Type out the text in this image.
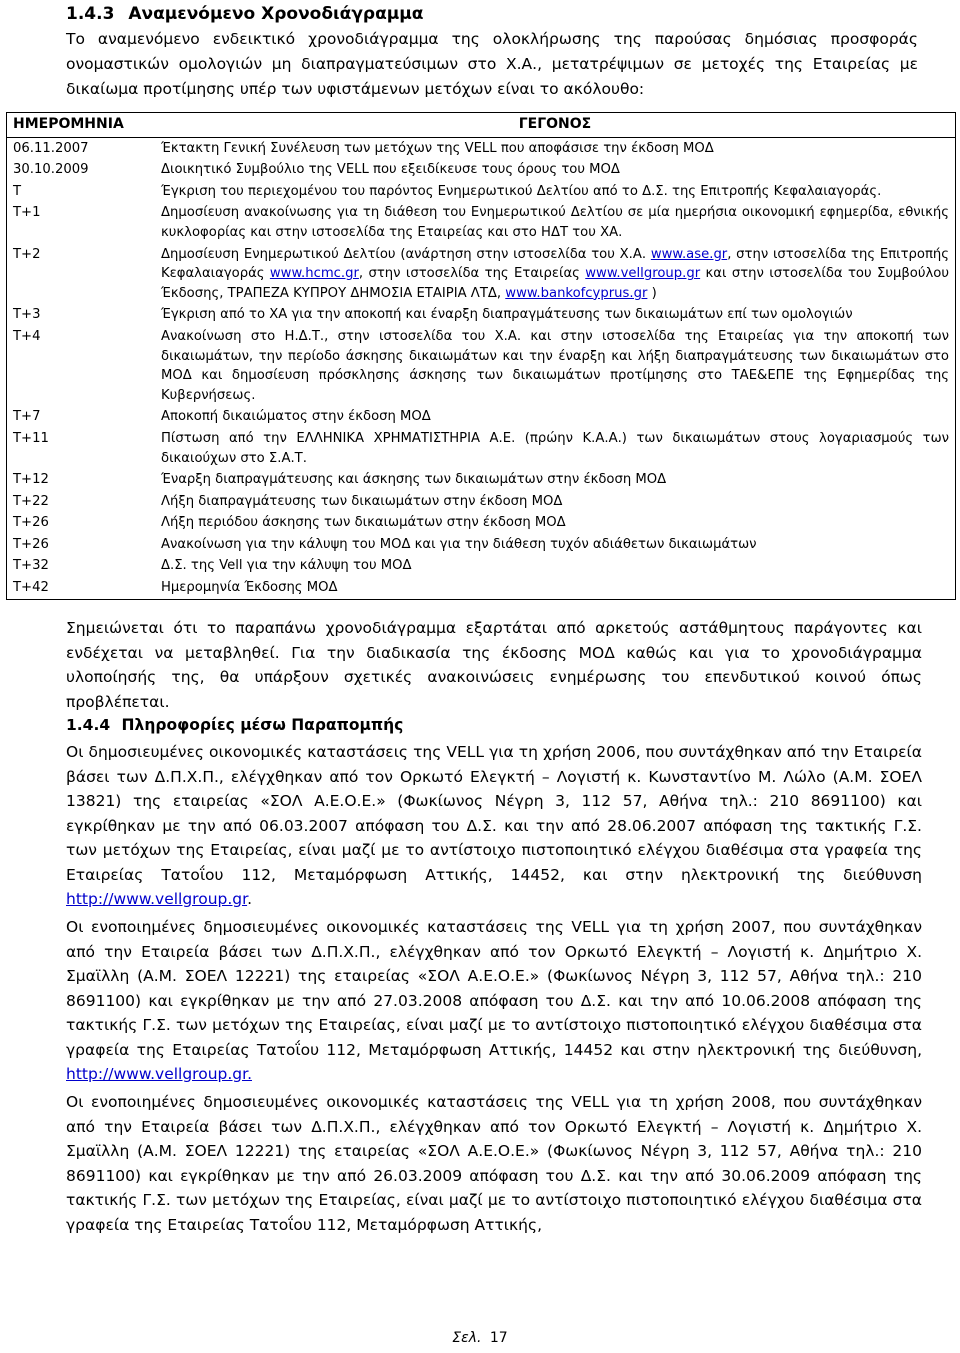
1.4.3 Αναμενόμενο Χρονοδιάγραμμα
Το αναμενόμενο ενδεικτικό χρονοδιάγραμμα της ολοκλήρωσης της παρούσας δημόσιας προσφοράς ονομαστικών ομολογιών μη διαπραγματεύσιμων στο Χ.Α., μετατρέψιμων σε μετοχές της Εταιρείας με δικαίωμα προτίμησης υπέρ των υφιστάμενων μετόχων είναι το ακόλουθο:
ΗΜΕΡΟΜΗΝΙΑ	ΓΕΓΟΝΟΣ
06.11.2007	Έκτακτη Γενική Συνέλευση των μετόχων της VELL που αποφάσισε την έκδοση ΜΟΔ
30.10.2009	Διοικητικό Συμβούλιο της VELL που εξειδίκευσε τους όρους του ΜΟΔ
Τ	Έγκριση του περιεχομένου του παρόντος Ενημερωτικού Δελτίου από το Δ.Σ. της Επιτροπής Κεφαλαιαγοράς.
Τ+1	Δημοσίευση ανακοίνωσης για τη διάθεση του Ενημερωτικού Δελτίου σε μία ημερήσια οικονομική εφημερίδα, εθνικής κυκλοφορίας και στην ιστοσελίδα της Εταιρείας και στο ΗΔΤ του ΧΑ.
Τ+2	Δημοσίευση Ενημερωτικού Δελτίου (ανάρτηση στην ιστοσελίδα του Χ.Α. www.ase.gr, στην ιστοσελίδα της Επιτροπής Κεφαλαιαγοράς www.hcmc.gr, στην ιστοσελίδα της Εταιρείας www.vellgroup.gr και στην ιστοσελίδα του Συμβούλου Έκδοσης, ΤΡΑΠΕΖΑ ΚΥΠΡΟΥ ΔΗΜΟΣΙΑ ΕΤΑΙΡΙΑ ΛΤΔ, www.bankofcyprus.gr )
Τ+3	Έγκριση από το ΧΑ για την αποκοπή και έναρξη διαπραγμάτευσης των δικαιωμάτων επί των ομολογιών
Τ+4	Ανακοίνωση στο Η.Δ.Τ., στην ιστοσελίδα του Χ.Α. και στην ιστοσελίδα της Εταιρείας για την αποκοπή των δικαιωμάτων, την περίοδο άσκησης δικαιωμάτων και την έναρξη και λήξη διαπραγμάτευσης των δικαιωμάτων στο ΜΟΔ και δημοσίευση πρόσκλησης άσκησης των δικαιωμάτων προτίμησης στο ΤΑΕ&ΕΠΕ της Εφημερίδας της Κυβερνήσεως.
Τ+7	Αποκοπή δικαιώματος στην έκδοση ΜΟΔ
Τ+11	Πίστωση από την ΕΛΛΗΝΙΚΑ ΧΡΗΜΑΤΙΣΤΗΡΙΑ Α.Ε. (πρώην Κ.Α.Α.) των δικαιωμάτων στους λογαριασμούς των δικαιούχων στο Σ.Α.Τ.
Τ+12	Έναρξη διαπραγμάτευσης και άσκησης των δικαιωμάτων στην έκδοση ΜΟΔ
Τ+22	Λήξη διαπραγμάτευσης των δικαιωμάτων στην έκδοση ΜΟΔ
Τ+26	Λήξη περιόδου άσκησης των δικαιωμάτων στην έκδοση ΜΟΔ
Τ+26	Ανακοίνωση για την κάλυψη του ΜΟΔ και για την διάθεση τυχόν αδιάθετων δικαιωμάτων
Τ+32	Δ.Σ. της Vell για την κάλυψη του ΜΟΔ
Τ+42	Ημερομηνία Έκδοσης ΜΟΔ
Σημειώνεται ότι το παραπάνω χρονοδιάγραμμα εξαρτάται από αρκετούς αστάθμητους παράγοντες και ενδέχεται να μεταβληθεί. Για την διαδικασία της έκδοσης ΜΟΔ καθώς και για το χρονοδιάγραμμα υλοποίησής της, θα υπάρξουν σχετικές ανακοινώσεις ενημέρωσης του επενδυτικού κοινού όπως προβλέπεται.
1.4.4 Πληροφορίες μέσω Παραπομπής
Οι δημοσιευμένες οικονομικές καταστάσεις της VELL για τη χρήση 2006, που συντάχθηκαν από την Εταιρεία βάσει των Δ.Π.Χ.Π., ελέγχθηκαν από τον Ορκωτό Ελεγκτή – Λογιστή κ. Κωνσταντίνο Μ. Λώλο (Α.Μ. ΣΟΕΛ 13821) της εταιρείας «ΣΟΛ Α.Ε.Ο.Ε.» (Φωκίωνος Νέγρη 3, 112 57, Αθήνα τηλ.: 210 8691100) και εγκρίθηκαν με την από 06.03.2007 απόφαση του Δ.Σ. και την από 28.06.2007 απόφαση της τακτικής Γ.Σ. των μετόχων της Εταιρείας, είναι μαζί με το αντίστοιχο πιστοποιητικό ελέγχου διαθέσιμα στα γραφεία της Εταιρείας Τατοΐου 112, Μεταμόρφωση Αττικής, 14452, και στην ηλεκτρονική της διεύθυνση http://www.vellgroup.gr.
Οι ενοποιημένες δημοσιευμένες οικονομικές καταστάσεις της VELL για τη χρήση 2007, που συντάχθηκαν από την Εταιρεία βάσει των Δ.Π.Χ.Π., ελέγχθηκαν από τον Ορκωτό Ελεγκτή – Λογιστή κ. Δημήτριο Χ. Σμαϊλλη (Α.Μ. ΣΟΕΛ 12221) της εταιρείας «ΣΟΛ Α.Ε.Ο.Ε.» (Φωκίωνος Νέγρη 3, 112 57, Αθήνα τηλ.: 210 8691100) και εγκρίθηκαν με την από 27.03.2008 απόφαση του Δ.Σ. και την από 10.06.2008 απόφαση της τακτικής Γ.Σ. των μετόχων της Εταιρείας, είναι μαζί με το αντίστοιχο πιστοποιητικό ελέγχου διαθέσιμα στα γραφεία της Εταιρείας Τατοΐου 112, Μεταμόρφωση Αττικής, 14452 και στην ηλεκτρονική της διεύθυνση, http://www.vellgroup.gr.
Οι ενοποιημένες δημοσιευμένες οικονομικές καταστάσεις της VELL για τη χρήση 2008, που συντάχθηκαν από την Εταιρεία βάσει των Δ.Π.Χ.Π., ελέγχθηκαν από τον Ορκωτό Ελεγκτή – Λογιστή κ. Δημήτριο Χ. Σμαϊλλη (Α.Μ. ΣΟΕΛ 12221) της εταιρείας «ΣΟΛ Α.Ε.Ο.Ε.» (Φωκίωνος Νέγρη 3, 112 57, Αθήνα τηλ.: 210 8691100) και εγκρίθηκαν με την από 26.03.2009 απόφαση του Δ.Σ. και την από 30.06.2009 απόφαση της τακτικής Γ.Σ. των μετόχων της Εταιρείας, είναι μαζί με το αντίστοιχο πιστοποιητικό ελέγχου διαθέσιμα στα γραφεία της Εταιρείας Τατοΐου 112, Μεταμόρφωση Αττικής,
Σελ. 17
